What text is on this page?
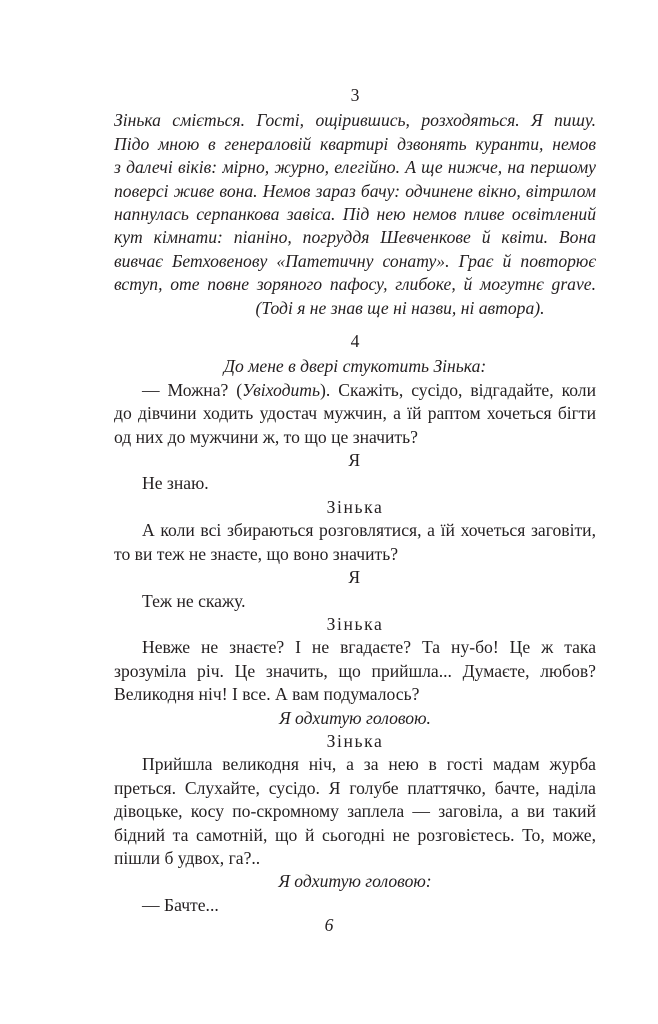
3

Зінька сміється. Гості, ощірившись, розходяться. Я пишу.
Підо мною в генераловій квартирі дзвонять куранти, немов
з далечі віків: мірно, журно, елегійно. А ще нижче, на першому
поверсі живе вона. Немов зараз бачу: одчинене вікно, вітрилом
напнулась серпанкова завіса. Під нею немов пливе освітлений
кут кімнати: піаніно, погруддя Шевченкове й квіти. Вона
вивчає Бетховенову «Патетичну сонату». Грає й повторює
вступ, оте повне зоряного пафосу, глибоке, й могутнє grave.

(Тоді я не знав ще ні назви, ні автора).

4

До мене в двері стукотить Зінька:

— Можна? (Увіходить). Скажіть, сусідо, відгадайте, коли до дівчини ходить удостач мужчин, а їй раптом хочеться бігти од них до мужчини ж, то що це значить?

Я

Не знаю.

Зінька

А коли всі збираються розговлятися, а їй хочеться заговіти, то ви теж не знаєте, що воно значить?

Я

Теж не скажу.

Зінька

Невже не знаєте? І не вгадаєте? Та ну-бо! Це ж така зрозуміла річ. Це значить, що прийшла... Думаєте, любов? Великодня ніч! І все. А вам подумалось?

Я одхитую головою.

Зінька

Прийшла великодня ніч, а за нею в гості мадам журба преться. Слухайте, сусідо. Я голубе платтячко, бачте, наділа дівоцьке, косу по-скромному заплела — заговіла, а ви такий бідний та самотній, що й сьогодні не розговієтесь. То, може, пішли б удвох, га?..

Я одхитую головою:

— Бачте...

6
